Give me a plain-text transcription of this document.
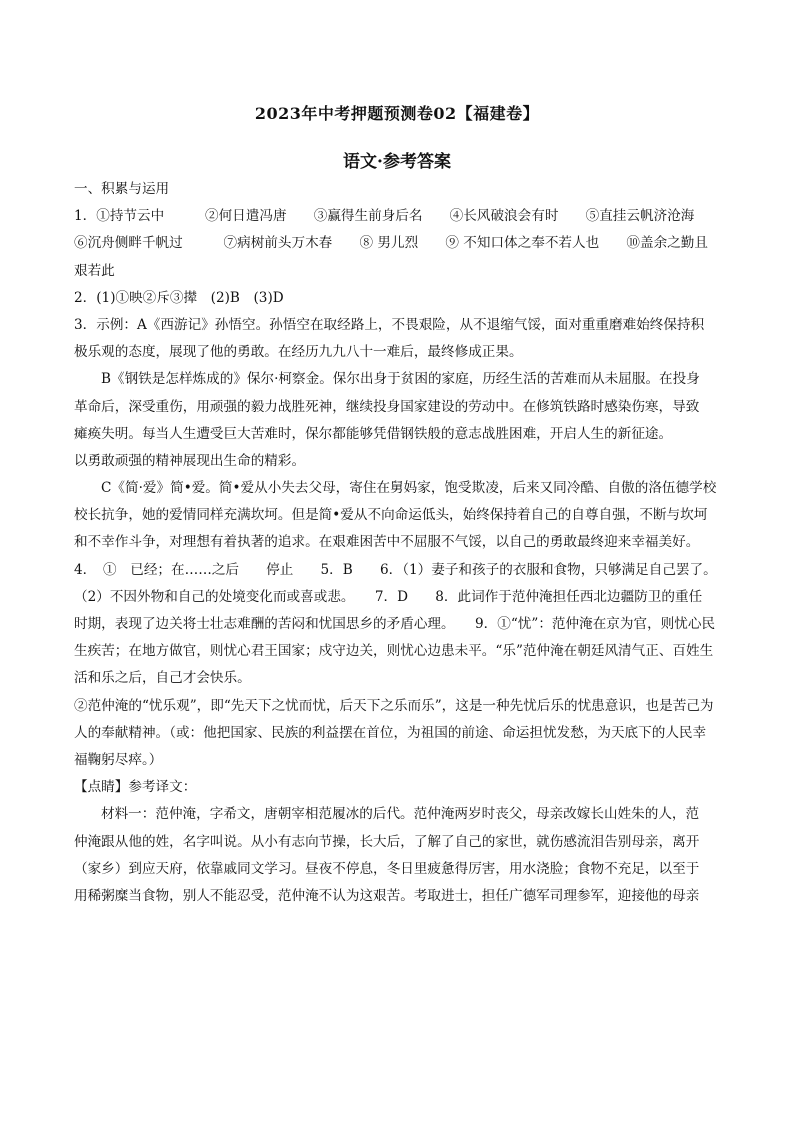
2023年中考押题预测卷02【福建卷】
语文·参考答案
一、积累与运用
1．①持节云中　　　②何日遣冯唐　　③赢得生前身后名　　④长风破浪会有时　　⑤直挂云帆济沧海
⑥沉舟侧畔千帆过　　　⑦病树前头万木春　　⑧ 男儿烈　　⑨ 不知口体之奉不若人也　　⑩盖余之勤且
艰若此
2．(1)①映②斥③撵　(2)B　(3)D
3．示例：A《西游记》孙悟空。孙悟空在取经路上，不畏艰险，从不退缩气馁，面对重重磨难始终保持积
极乐观的态度，展现了他的勇敢。在经历九九八十一难后，最终修成正果。
B《钢铁是怎样炼成的》保尔·柯察金。保尔出身于贫困的家庭，历经生活的苦难而从未屈服。在投身
革命后，深受重伤，用顽强的毅力战胜死神，继续投身国家建设的劳动中。在修筑铁路时感染伤寒，导致
瘫痪失明。每当人生遭受巨大苦难时，保尔都能够凭借钢铁般的意志战胜困难，开启人生的新征途。
以勇敢顽强的精神展现出生命的精彩。
C《简·爱》简•爱。简•爱从小失去父母，寄住在舅妈家，饱受欺凌，后来又同冷酷、自傲的洛伍德学校
校长抗争，她的爱情同样充满坎坷。但是简•爱从不向命运低头，始终保持着自己的自尊自强，不断与坎坷
和不幸作斗争，对理想有着执著的追求。在艰难困苦中不屈服不气馁，以自己的勇敢最终迎来幸福美好。
4．　①　已经；在……之后　　停止　　5．B　　6．（1）妻子和孩子的衣服和食物，只够满足自己罢了。
（2）不因外物和自己的处境变化而或喜或悲。　　7．D　　8．此词作于范仲淹担任西北边疆防卫的重任
时期，表现了边关将士壮志难酬的苦闷和忧国思乡的矛盾心理。　　9．①“忧”：范仲淹在京为官，则忧心民
生疾苦；在地方做官，则忧心君王国家；戍守边关，则忧心边患未平。“乐”范仲淹在朝廷风清气正、百姓生
活和乐之后，自己才会快乐。
②范仲淹的“忧乐观”，即“先天下之忧而忧，后天下之乐而乐”，这是一种先忧后乐的忧患意识，也是苦己为
人的奉献精神。（或：他把国家、民族的利益摆在首位，为祖国的前途、命运担忧发愁，为天底下的人民幸
福鞠躬尽瘁。）
【点睛】参考译文：
材料一：范仲淹，字希文，唐朝宰相范履冰的后代。范仲淹两岁时丧父，母亲改嫁长山姓朱的人，范
仲淹跟从他的姓，名字叫说。从小有志向节操，长大后，了解了自己的家世，就伤感流泪告别母亲，离开
（家乡）到应天府，依靠戚同文学习。昼夜不停息，冬日里疲惫得厉害，用水浇脸；食物不充足，以至于
用稀粥糜当食物，别人不能忍受，范仲淹不认为这艰苦。考取进士，担任广德军司理参军，迎接他的母亲
